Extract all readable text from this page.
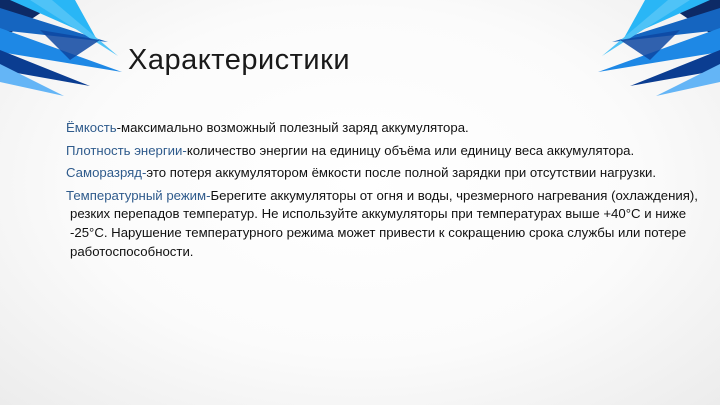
Характеристики

Ёмкость-максимально возможный полезный заряд аккумулятора.

Плотность энергии-количество энергии на единицу объёма или единицу веса аккумулятора.

Саморазряд-это потеря аккумулятором ёмкости после полной зарядки при отсутствии нагрузки.

Температурный режим-Берегите аккумуляторы от огня и воды, чрезмерного нагревания (охлаждения), резких перепадов температур. Не используйте аккумуляторы при температурах выше +40°С и ниже -25°С. Нарушение температурного режима может привести к сокращению срока службы или потере работоспособности.
